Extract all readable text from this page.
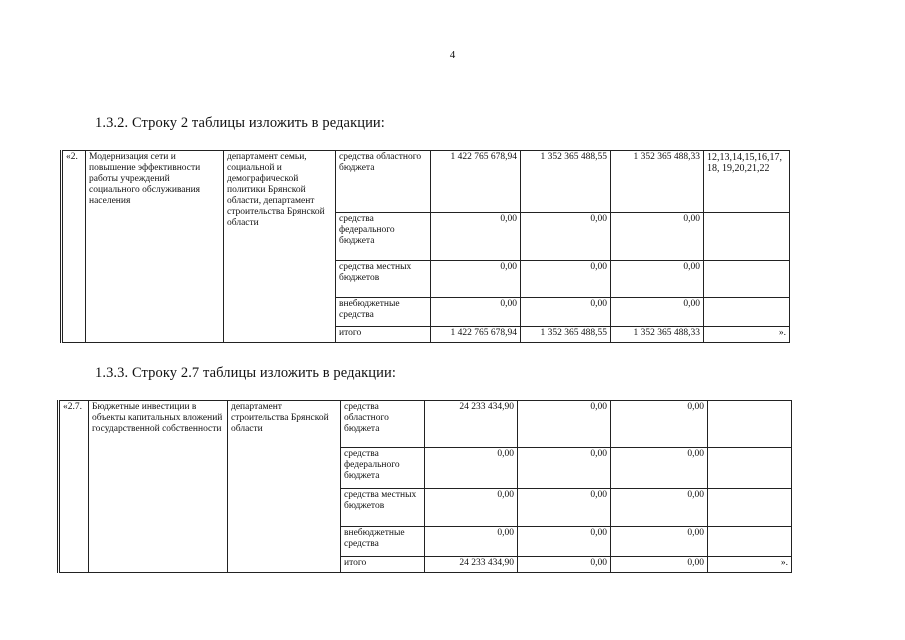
4
1.3.2. Строку 2 таблицы изложить в редакции:
«2.	Модернизация сети и повышение эффективности работы учреждений социального обслуживания населения	департамент семьи, социальной и демографической политики Брянской области, департамент строительства Брянской области	средства областного бюджета	1 422 765 678,94	1 352 365 488,55	1 352 365 488,33	12,13,14,15,16,17, 18, 19,20,21,22
			средства федерального бюджета	0,00	0,00	0,00	
			средства местных бюджетов	0,00	0,00	0,00	
			внебюджетные средства	0,00	0,00	0,00	
			итого	1 422 765 678,94	1 352 365 488,55	1 352 365 488,33	».
1.3.3. Строку 2.7 таблицы изложить в редакции:
«2.7.	Бюджетные инвестиции в объекты капитальных вложений государственной собственности	департамент строительства Брянской области	средства областного бюджета	24 233 434,90	0,00	0,00	
			средства федерального бюджета	0,00	0,00	0,00	
			средства местных бюджетов	0,00	0,00	0,00	
			внебюджетные средства	0,00	0,00	0,00	
			итого	24 233 434,90	0,00	0,00	».
